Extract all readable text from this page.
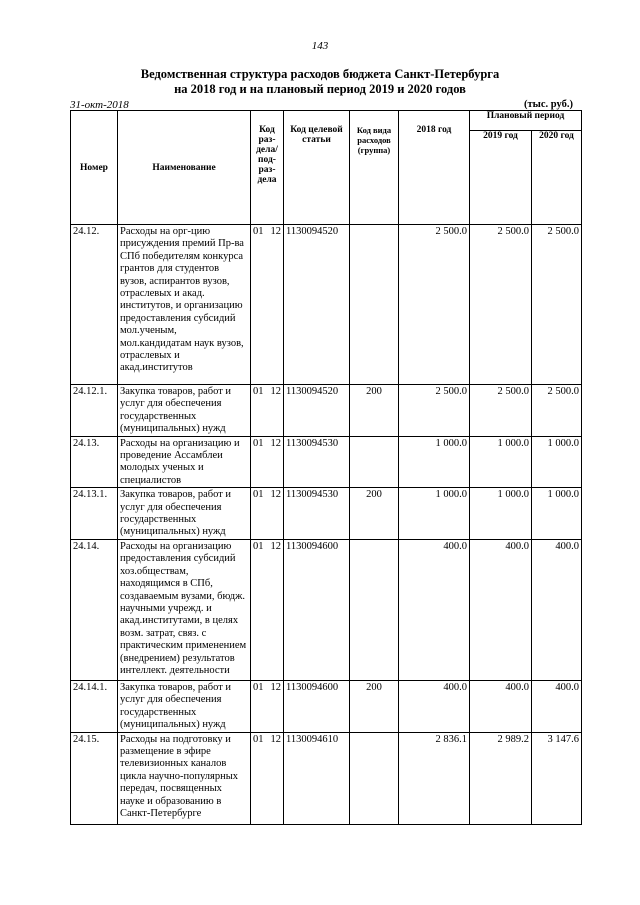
143
Ведомственная структура расходов бюджета Санкт-Петербурга
на 2018 год и на плановый период 2019 и 2020 годов
31-окт-2018	(тыс. руб.)
Номер	Наименование	Код раз-дела/ под-раз-дела	Код целевой статьи	Код вида расходов (группа)	2018 год	Плановый период	
						2019 год	2020 год
24.12.	Расходы на орг-цию присуждения премий Пр-ва СПб победителям конкурса грантов для студентов вузов, аспирантов вузов, отраслевых и акад. институтов, и организацию предоставления субсидий мол.ученым, мол.кандидатам наук вузов, отраслевых и акад.институтов	01 12	1130094520		2 500.0	2 500.0	2 500.0
24.12.1.	Закупка товаров, работ и услуг для обеспечения государственных (муниципальных) нужд	01 12	1130094520	200	2 500.0	2 500.0	2 500.0
24.13.	Расходы на организацию и проведение Ассамблеи молодых ученых и специалистов	01 12	1130094530		1 000.0	1 000.0	1 000.0
24.13.1.	Закупка товаров, работ и услуг для обеспечения государственных (муниципальных) нужд	01 12	1130094530	200	1 000.0	1 000.0	1 000.0
24.14.	Расходы на организацию предоставления субсидий хоз.обществам, находящимся в СПб, создаваемым вузами, бюдж. научными учрежд. и акад.институтами, в целях возм. затрат, связ. с практическим применением (внедрением) результатов интеллект. деятельности	01 12	1130094600		400.0	400.0	400.0
24.14.1.	Закупка товаров, работ и услуг для обеспечения государственных (муниципальных) нужд	01 12	1130094600	200	400.0	400.0	400.0
24.15.	Расходы на подготовку и размещение в эфире телевизионных каналов цикла научно-популярных передач, посвященных науке и образованию в Санкт-Петербурге	01 12	1130094610		2 836.1	2 989.2	3 147.6
